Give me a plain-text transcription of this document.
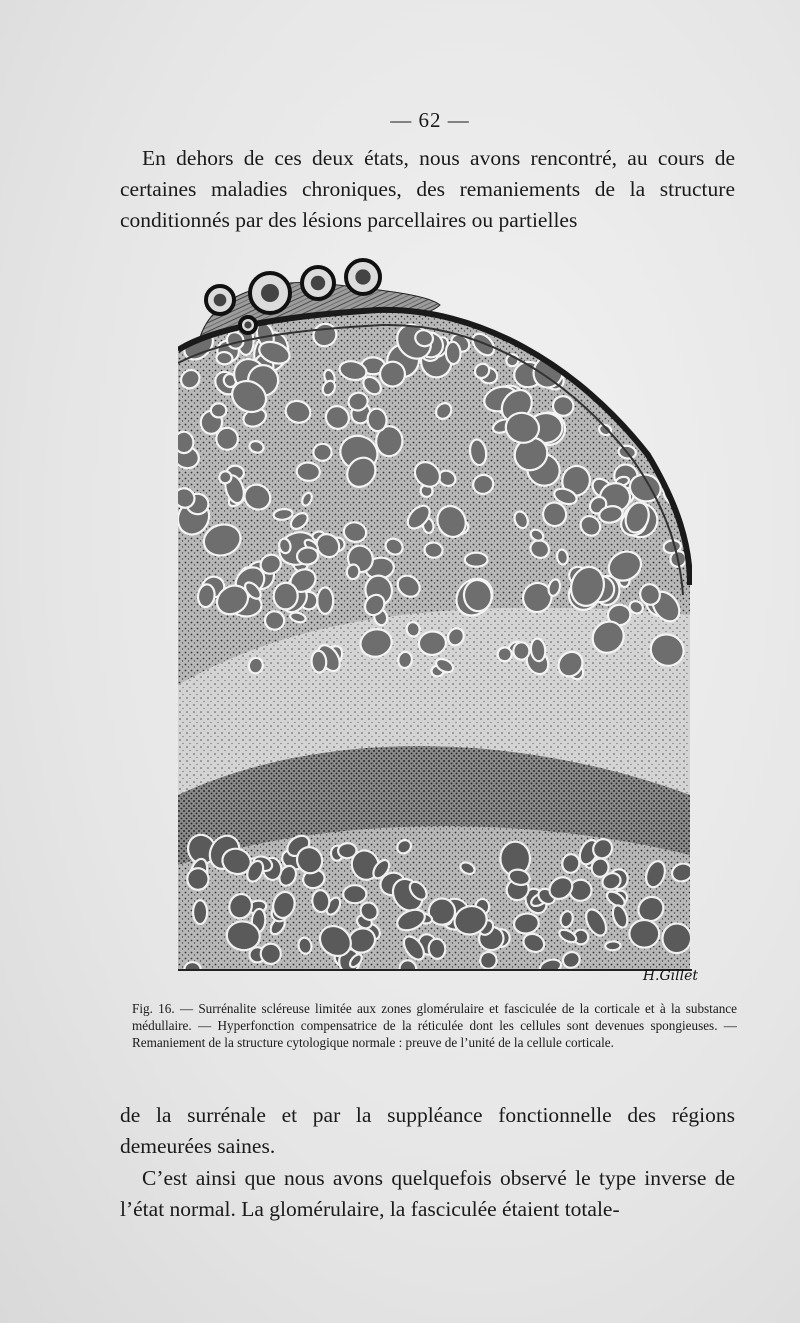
— 62 —

En dehors de ces deux états, nous avons rencontré, au cours de certaines maladies chroniques, des remaniements de la structure conditionnés par des lésions parcellaires ou partielles

H.Gillet

Fig. 16. — Surrénalite scléreuse limitée aux zones glomérulaire et fasciculée de la corticale et à la substance médullaire. — Hyperfonction compensatrice de la réticulée dont les cellules sont devenues spongieuses. — Remaniement de la structure cytologique normale : preuve de l’unité de la cellule corticale.

de la surrénale et par la suppléance fonctionnelle des régions demeurées saines.

C’est ainsi que nous avons quelquefois observé le type inverse de l’état normal. La glomérulaire, la fasciculée étaient totale-
